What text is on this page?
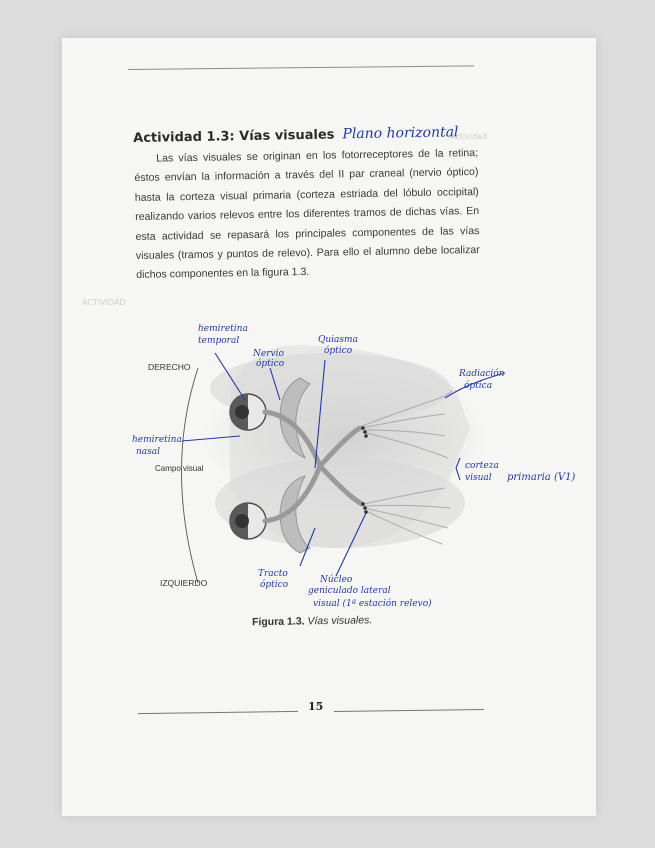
Actividad
ACTIVIDAD
Actividad 1.3: Vías visuales Plano horizontal
Las vías visuales se originan en los fotorreceptores de la retina; éstos envían la información a través del II par craneal (nervio óptico) hasta la corteza visual primaria (corteza estriada del lóbulo occipital) realizando varios relevos entre los diferentes tramos de dichas vías. En esta actividad se repasará los principales componentes de las vías visuales (tramos y puntos de relevo). Para ello el alumno debe localizar dichos componentes en la figura 1.3.
DERECHO
Campo visual
IZQUIERDO
hemiretina
temporal
Nervio
óptico
Quiasma
óptico
Radiación
óptica
hemiretina
nasal
corteza
visual primaria (V1)
Tracto
óptico	Núcleo
geniculado lateral
visual (1ª estación relevo)
Figura 1.3. Vías visuales.
15
